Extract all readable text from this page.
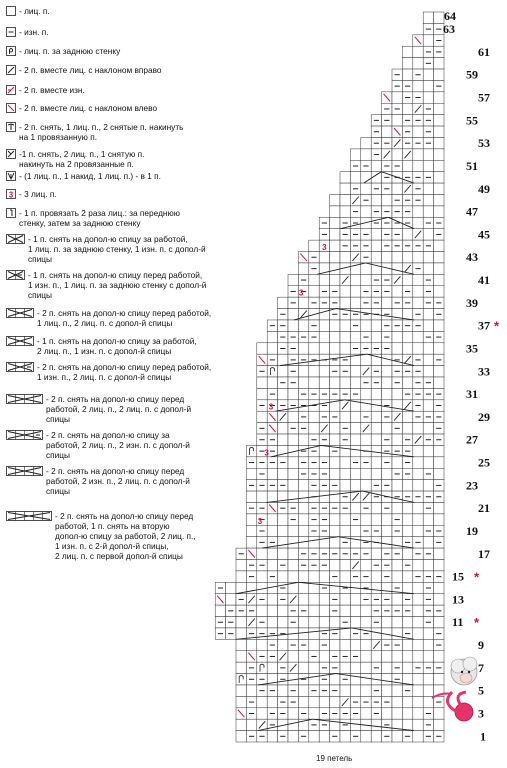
- лиц. п.
- изн. п.
- лиц. п. за заднюю стенку
- 2 п. вместе лиц. с наклоном вправо
- 2 п. вместе изн.
- 2 п. вместе лиц. с наклоном влево
- 2 п. снять, 1 лиц. п., 2 снятые п. накинуть
на 1 провязанную п.
-1 п. снять, 2 лиц. п., 1 снятую п.
накинуть на 2 провязанные п.
- (1 лиц. п., 1 накид, 1 лиц. п.) - в 1 п.
3 - 3 лиц. п.
- 1 п. провязать 2 раза лиц.: за переднюю
стенку, затем за заднюю стенку
- 1 п. снять на допол-ю спицу за работой,
1 лиц. п. за заднюю стенку, 1 изн. п. с допол-й
спицы
- 1 п. снять на допол-ю спицу перед работой,
1 изн. п., 1 лиц. п. за заднюю стенку с допол-й
спицы
- 2 п. снять на допол-ю спицу перед работой,
1 лиц. п., 2 лиц. п. с допол-й спицы
- 1 п. снять на допол-ю спицу за работой,
2 лиц. п., 1 изн. п. с допол-й спицы
- 2 п. снять на допол-ю спицу перед работой,
1 изн. п., 2 лиц. п. с допол-й спицы
- 2 п. снять на допол-ю спицу перед
работой, 2 лиц. п., 2 лиц. п. с допол-й
спицы
- 2 п. снять на допол-ю спицу за
работой, 2 лиц. п., 2 изн. п. с допол-й
спицы
- 2 п. снять на допол-ю спицу перед
работой, 2 изн. п., 2 лиц. п. с допол-й
спицы
- 2 п. снять на допол-ю спицу перед
работой, 1 п. снять на вторую
допол-ю спицу за работой, 2 лиц. п.,
1 изн. п. с 2-й допол-й спицы,
2 лиц. п. с первой допол-й спицы
3
3
3
3
3
1
3
5
7
9
11
13
15
17
19
21
23
25
27
29
31
33
35
37
39
41
43
45
47
49
51
53
55
57
59
61
63
64
*
*
*
19 петель
